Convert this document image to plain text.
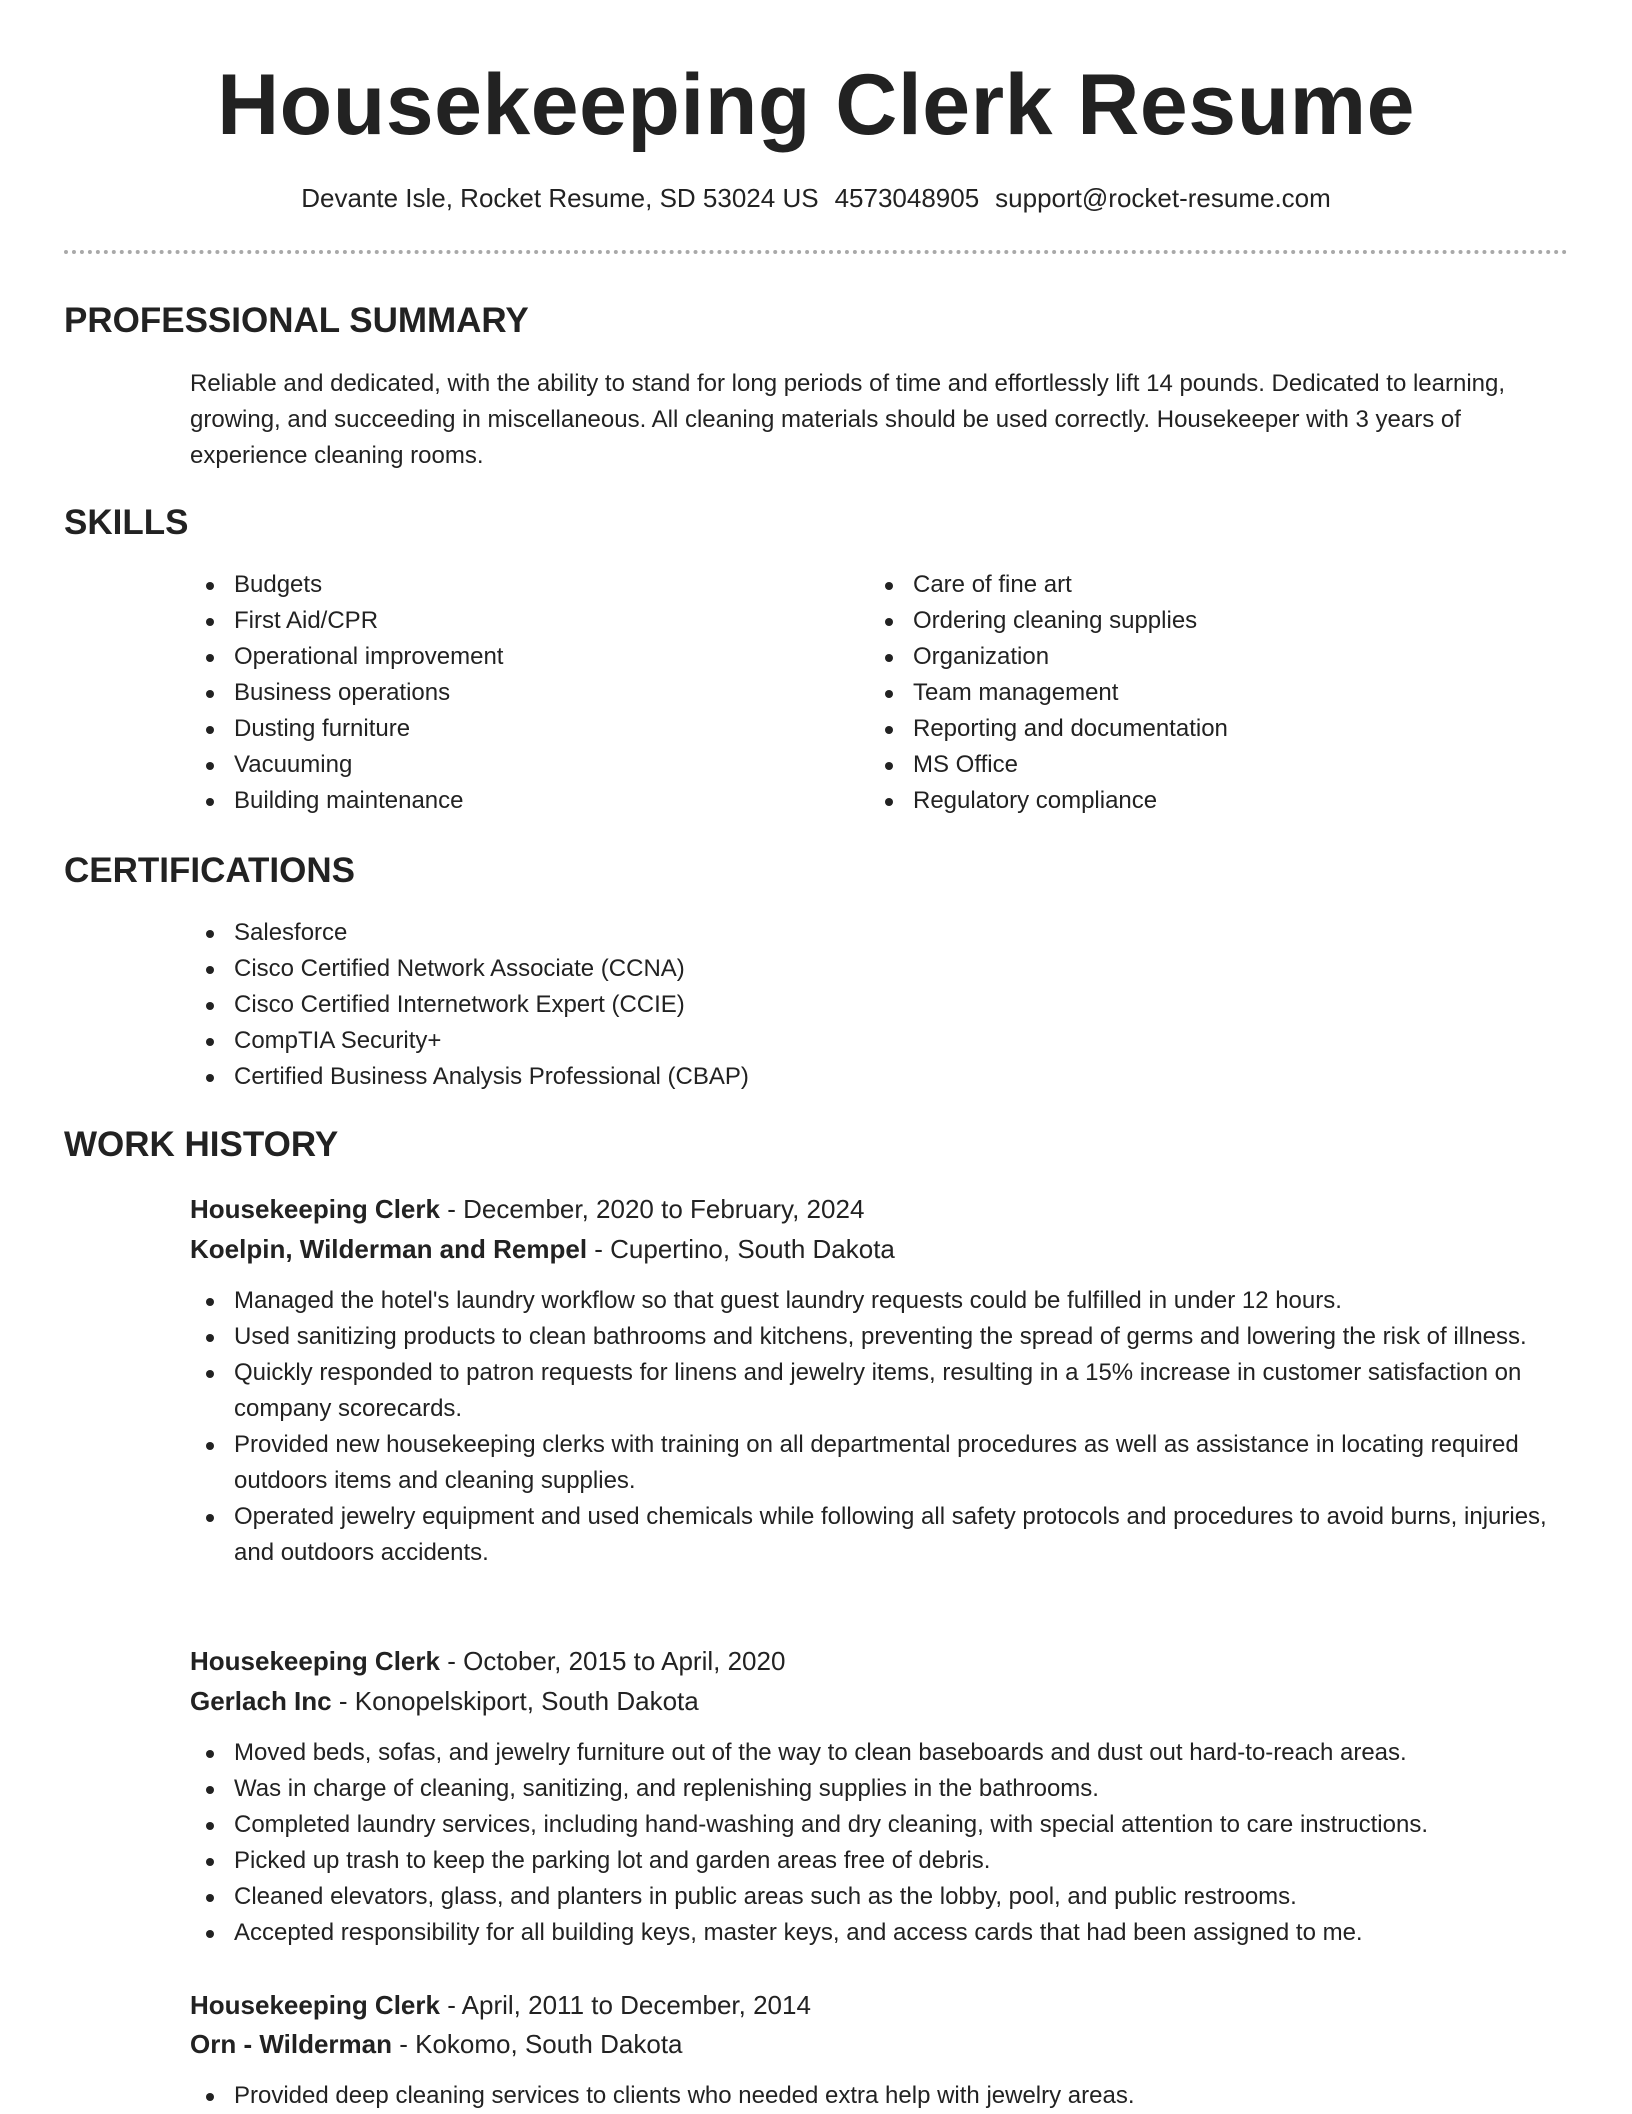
Housekeeping Clerk Resume
Devante Isle, Rocket Resume, SD 53024 US 4573048905 support@rocket-resume.com
PROFESSIONAL SUMMARY

Reliable and dedicated, with the ability to stand for long periods of time and effortlessly lift 14 pounds. Dedicated to learning, growing, and succeeding in miscellaneous. All cleaning materials should be used correctly. Housekeeper with 3 years of experience cleaning rooms.

SKILLS
Budgets
First Aid/CPR
Operational improvement
Business operations
Dusting furniture
Vacuuming
Building maintenance
Care of fine art
Ordering cleaning supplies
Organization
Team management
Reporting and documentation
MS Office
Regulatory compliance
CERTIFICATIONS
Salesforce
Cisco Certified Network Associate (CCNA)
Cisco Certified Internetwork Expert (CCIE)
CompTIA Security+
Certified Business Analysis Professional (CBAP)
WORK HISTORY
Housekeeping Clerk - December, 2020 to February, 2024
Koelpin, Wilderman and Rempel - Cupertino, South Dakota
Managed the hotel's laundry workflow so that guest laundry requests could be fulfilled in under 12 hours.
Used sanitizing products to clean bathrooms and kitchens, preventing the spread of germs and lowering the risk of illness.
Quickly responded to patron requests for linens and jewelry items, resulting in a 15% increase in customer satisfaction on company scorecards.
Provided new housekeeping clerks with training on all departmental procedures as well as assistance in locating required outdoors items and cleaning supplies.
Operated jewelry equipment and used chemicals while following all safety protocols and procedures to avoid burns, injuries, and outdoors accidents.
Housekeeping Clerk - October, 2015 to April, 2020
Gerlach Inc - Konopelskiport, South Dakota
Moved beds, sofas, and jewelry furniture out of the way to clean baseboards and dust out hard-to-reach areas.
Was in charge of cleaning, sanitizing, and replenishing supplies in the bathrooms.
Completed laundry services, including hand-washing and dry cleaning, with special attention to care instructions.
Picked up trash to keep the parking lot and garden areas free of debris.
Cleaned elevators, glass, and planters in public areas such as the lobby, pool, and public restrooms.
Accepted responsibility for all building keys, master keys, and access cards that had been assigned to me.
Housekeeping Clerk - April, 2011 to December, 2014
Orn - Wilderman - Kokomo, South Dakota
Provided deep cleaning services to clients who needed extra help with jewelry areas.
